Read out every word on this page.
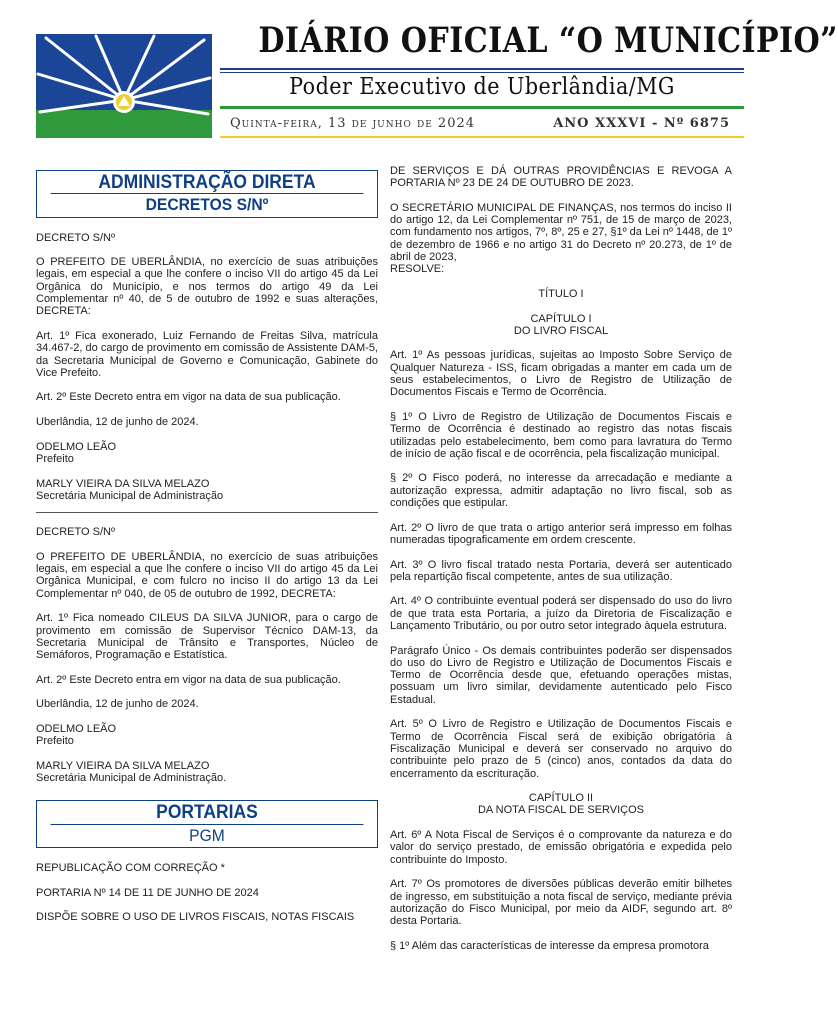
DIÁRIO OFICIAL “O MUNICÍPIO”
Poder Executivo de Uberlândia/MG
Quinta-feira, 13 de junho de 2024	ANO XXXVI - Nº 6875
ADMINISTRAÇÃO DIRETA
DECRETOS S/Nº

DECRETO S/Nº

O PREFEITO DE UBERLÂNDIA, no exercício de suas atribuições legais, em especial a que lhe confere o inciso VII do artigo 45 da Lei Orgânica do Município, e nos termos do artigo 49 da Lei Complementar nº 40, de 5 de outubro de 1992 e suas alterações, DECRETA:

Art. 1º Fica exonerado, Luiz Fernando de Freitas Silva, matrícula 34.467-2, do cargo de provimento em comissão de Assistente DAM-5, da Secretaria Municipal de Governo e Comunicação, Gabinete do Vice Prefeito.

Art. 2º Este Decreto entra em vigor na data de sua publicação.

Uberlândia, 12 de junho de 2024.

ODELMO LEÃO
Prefeito

MARLY VIEIRA DA SILVA MELAZO
Secretária Municipal de Administração

DECRETO S/Nº

O PREFEITO DE UBERLÂNDIA, no exercício de suas atribuições legais, em especial a que lhe confere o inciso VII do artigo 45 da Lei Orgânica Municipal, e com fulcro no inciso II do artigo 13 da Lei Complementar nº 040, de 05 de outubro de 1992, DECRETA:

Art. 1º Fica nomeado CILEUS DA SILVA JUNIOR, para o cargo de provimento em comissão de Supervisor Técnico DAM-13, da Secretaria Municipal de Trânsito e Transportes, Núcleo de Semáforos, Programação e Estatística.

Art. 2º Este Decreto entra em vigor na data de sua publicação.

Uberlândia, 12 de junho de 2024.

ODELMO LEÃO
Prefeito

MARLY VIEIRA DA SILVA MELAZO
Secretária Municipal de Administração.

PORTARIAS
PGM

REPUBLICAÇÃO COM CORREÇÃO *

PORTARIA Nº 14 DE 11 DE JUNHO DE 2024

DISPÕE SOBRE O USO DE LIVROS FISCAIS, NOTAS FISCAIS

DE SERVIÇOS E DÁ OUTRAS PROVIDÊNCIAS E REVOGA A PORTARIA Nº 23 DE 24 DE OUTUBRO DE 2023.

O SECRETÁRIO MUNICIPAL DE FINANÇAS, nos termos do inciso II do artigo 12, da Lei Complementar nº 751, de 15 de março de 2023, com fundamento nos artigos, 7º, 8º, 25 e 27, §1º da Lei nº 1448, de 1º de dezembro de 1966 e no artigo 31 do Decreto nº 20.273, de 1º de abril de 2023,
RESOLVE:

TÍTULO I

CAPÍTULO I
DO LIVRO FISCAL

Art. 1º As pessoas jurídicas, sujeitas ao Imposto Sobre Serviço de Qualquer Natureza - ISS, ficam obrigadas a manter em cada um de seus estabelecimentos, o Livro de Registro de Utilização de Documentos Fiscais e Termo de Ocorrência.

§ 1º O Livro de Registro de Utilização de Documentos Fiscais e Termo de Ocorrência é destinado ao registro das notas fiscais utilizadas pelo estabelecimento, bem como para lavratura do Termo de início de ação fiscal e de ocorrência, pela fiscalização municipal.

§ 2º O Fisco poderá, no interesse da arrecadação e mediante a autorização expressa, admitir adaptação no livro fiscal, sob as condições que estipular.

Art. 2º O livro de que trata o artigo anterior será impresso em folhas numeradas tipograficamente em ordem crescente.

Art. 3º O livro fiscal tratado nesta Portaria, deverá ser autenticado pela repartição fiscal competente, antes de sua utilização.

Art. 4º O contribuinte eventual poderá ser dispensado do uso do livro de que trata esta Portaria, a juízo da Diretoria de Fiscalização e Lançamento Tributário, ou por outro setor integrado àquela estrutura.

Parágrafo Único - Os demais contribuintes poderão ser dispensados do uso do Livro de Registro e Utilização de Documentos Fiscais e Termo de Ocorrência desde que, efetuando operações mistas, possuam um livro similar, devidamente autenticado pelo Fisco Estadual.

Art. 5º O Livro de Registro e Utilização de Documentos Fiscais e Termo de Ocorrência Fiscal será de exibição obrigatória à Fiscalização Municipal e deverá ser conservado no arquivo do contribuinte pelo prazo de 5 (cinco) anos, contados da data do encerramento da escrituração.

CAPÍTULO II
DA NOTA FISCAL DE SERVIÇOS

Art. 6º A Nota Fiscal de Serviços é o comprovante da natureza e do valor do serviço prestado, de emissão obrigatória e expedida pelo contribuinte do Imposto.

Art. 7º Os promotores de diversões públicas deverão emitir bilhetes de ingresso, em substituição a nota fiscal de serviço, mediante prévia autorização do Fisco Municipal, por meio da AIDF, segundo art. 8º desta Portaria.

§ 1º Além das características de interesse da empresa promotora
